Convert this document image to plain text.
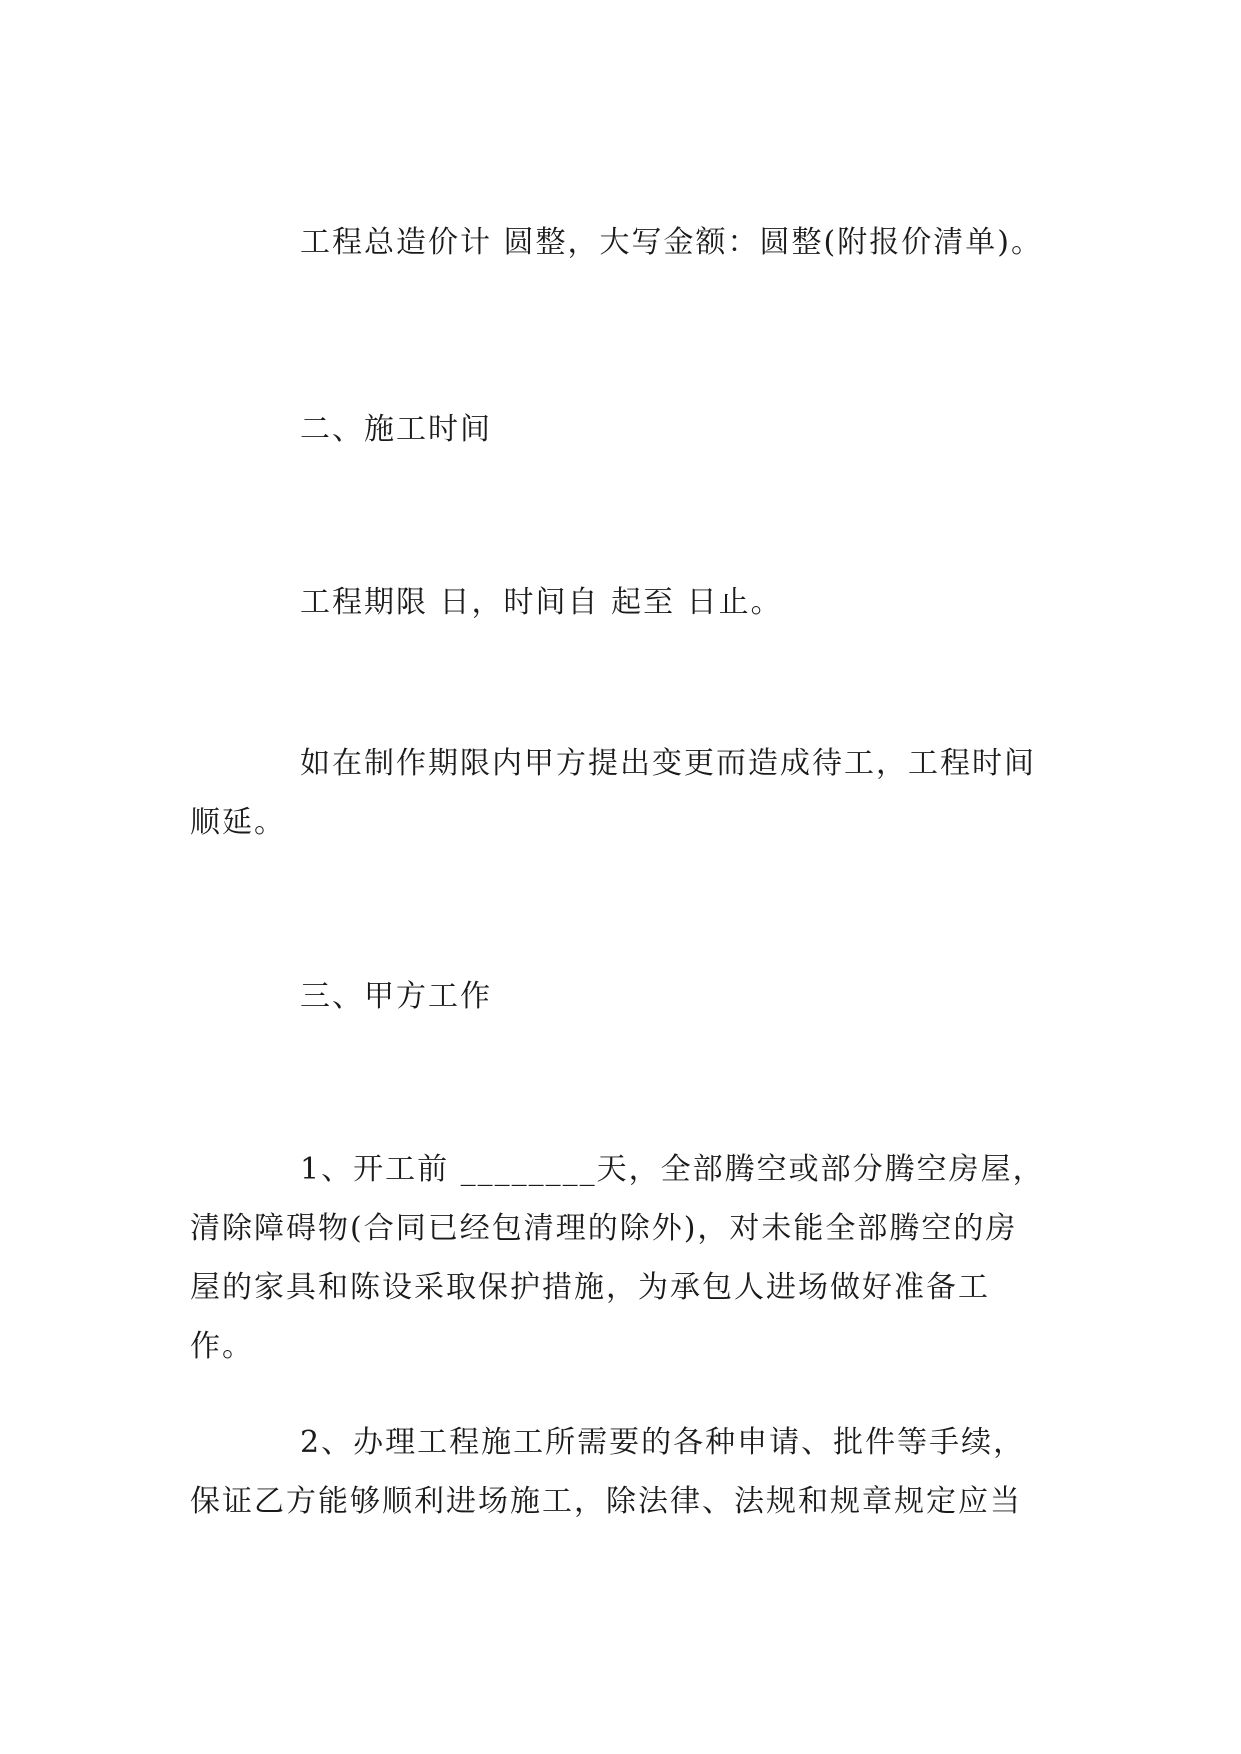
工程总造价计 圆整，大写金额：圆整(附报价清单)。

二、施工时间

工程期限 日，时间自 起至 日止。

如在制作期限内甲方提出变更而造成待工，工程时间顺延。

三、甲方工作

1、开工前 ________天，全部腾空或部分腾空房屋，清除障碍物(合同已经包清理的除外)，对未能全部腾空的房屋的家具和陈设采取保护措施，为承包人进场做好准备工作。

2、办理工程施工所需要的各种申请、批件等手续，保证乙方能够顺利进场施工，除法律、法规和规章规定应当
